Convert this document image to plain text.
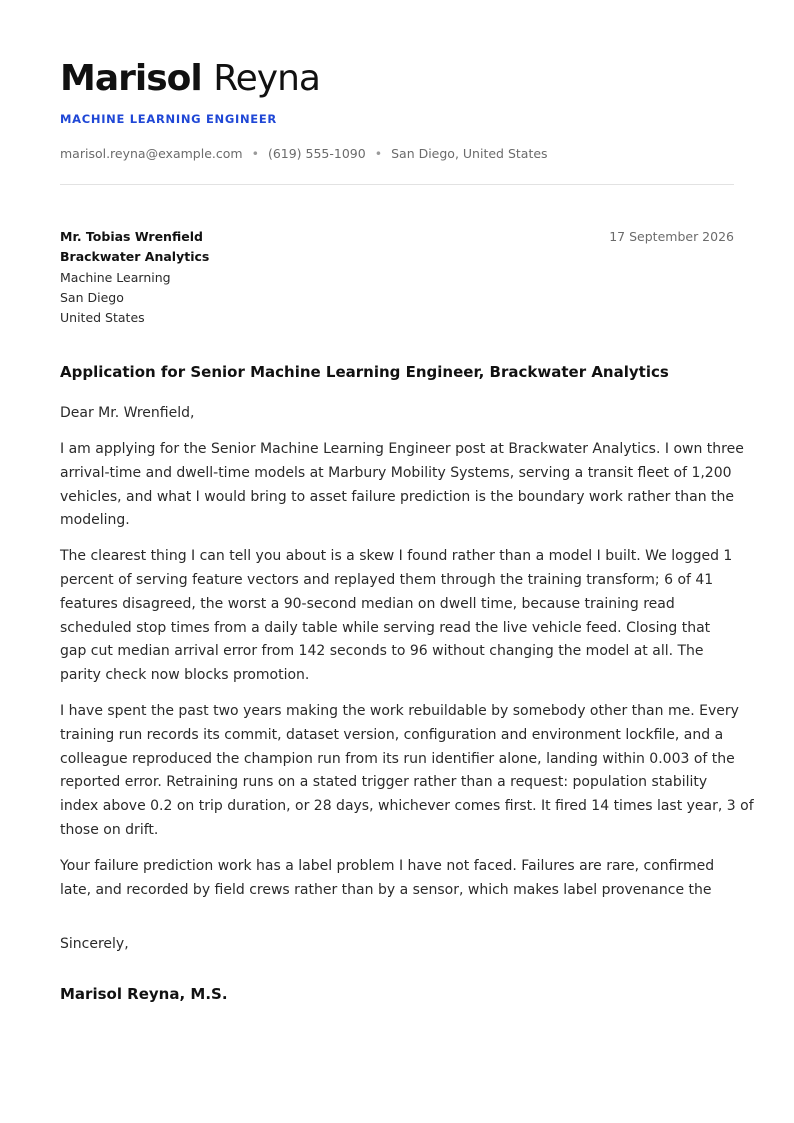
Marisol Reyna
MACHINE LEARNING ENGINEER
marisol.reyna@example.com • (619) 555-1090 • San Diego, United States
Mr. Tobias Wrenfield
Brackwater Analytics
Machine Learning
San Diego
United States
17 September 2026
Application for Senior Machine Learning Engineer, Brackwater Analytics
Dear Mr. Wrenfield,

I am applying for the Senior Machine Learning Engineer post at Brackwater Analytics. I own three
arrival-time and dwell-time models at Marbury Mobility Systems, serving a transit fleet of 1,200
vehicles, and what I would bring to asset failure prediction is the boundary work rather than the
modeling.

The clearest thing I can tell you about is a skew I found rather than a model I built. We logged 1
percent of serving feature vectors and replayed them through the training transform; 6 of 41
features disagreed, the worst a 90-second median on dwell time, because training read
scheduled stop times from a daily table while serving read the live vehicle feed. Closing that
gap cut median arrival error from 142 seconds to 96 without changing the model at all. The
parity check now blocks promotion.

I have spent the past two years making the work rebuildable by somebody other than me. Every
training run records its commit, dataset version, configuration and environment lockfile, and a
colleague reproduced the champion run from its run identifier alone, landing within 0.003 of the
reported error. Retraining runs on a stated trigger rather than a request: population stability
index above 0.2 on trip duration, or 28 days, whichever comes first. It fired 14 times last year, 3 of
those on drift.

Your failure prediction work has a label problem I have not faced. Failures are rare, confirmed
late, and recorded by field crews rather than by a sensor, which makes label provenance the

Sincerely,
Marisol Reyna, M.S.
